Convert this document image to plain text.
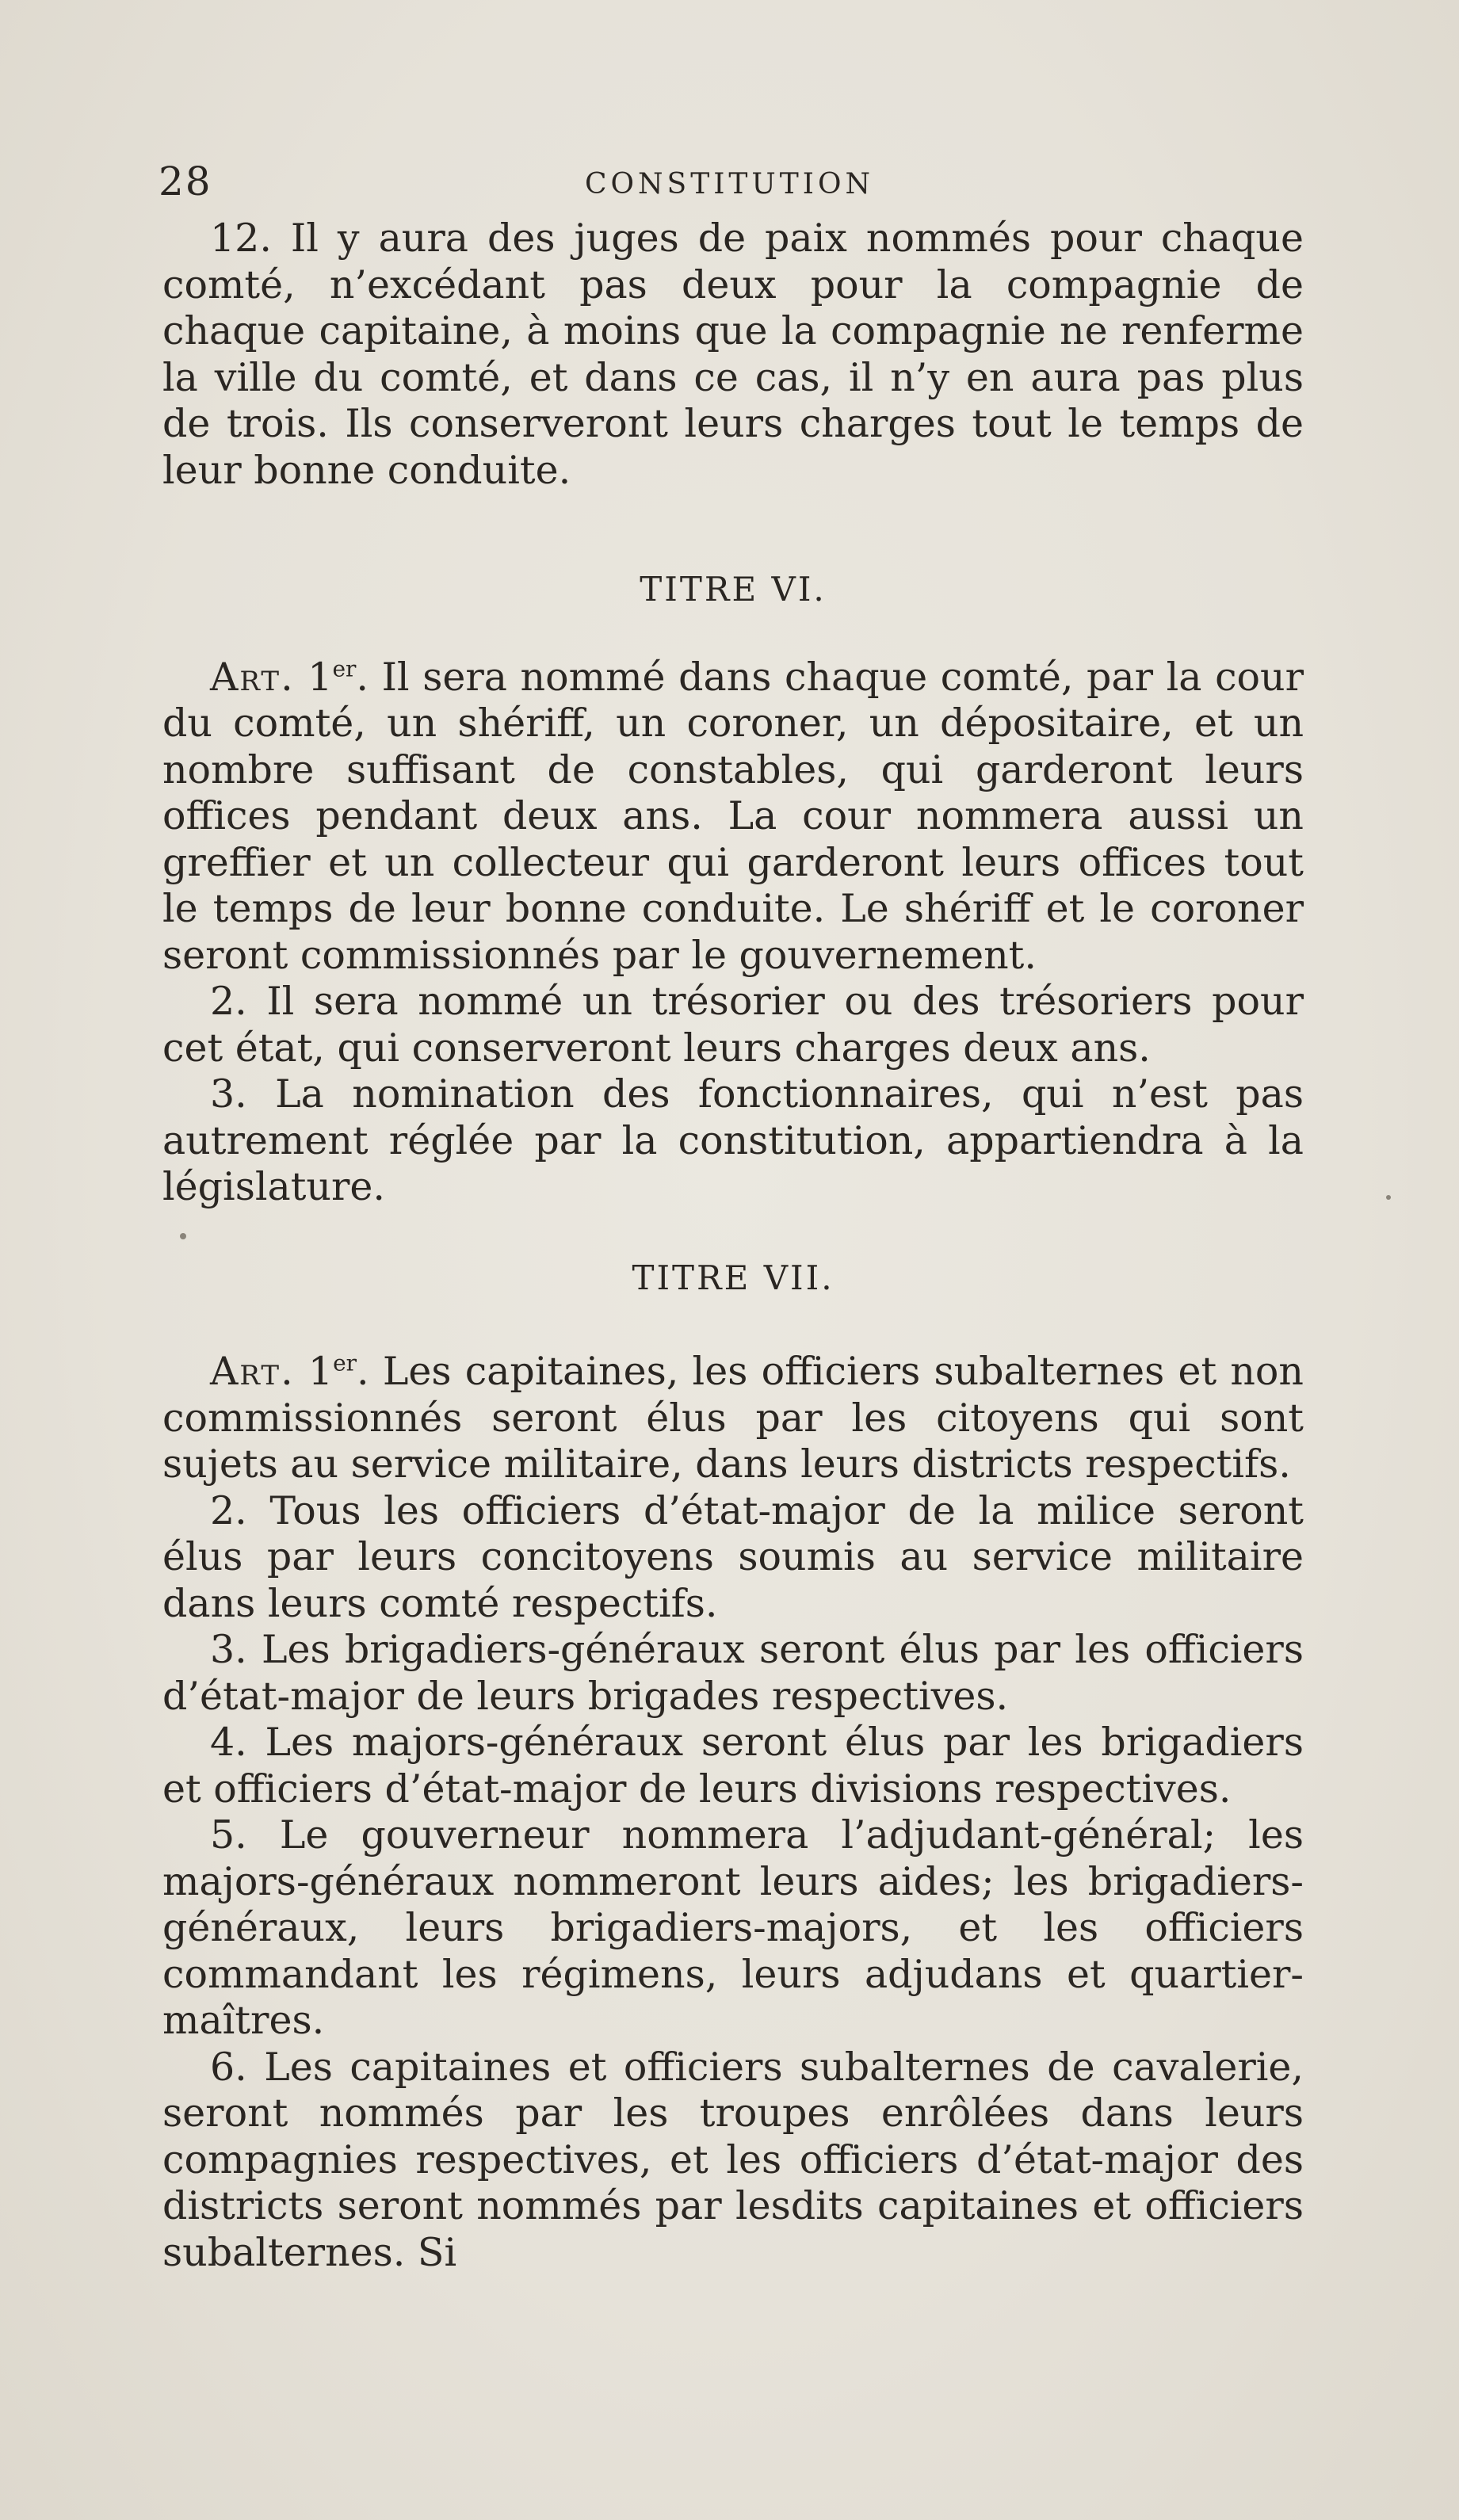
28	CONSTITUTION

12. Il y aura des juges de paix nommés pour chaque comté, n’excédant pas deux pour la compagnie de chaque capitaine, à moins que la compagnie ne renferme la ville du comté, et dans ce cas, il n’y en aura pas plus de trois. Ils conserveront leurs charges tout le temps de leur bonne conduite.

TITRE VI.

Art. 1er. Il sera nommé dans chaque comté, par la cour du comté, un shériff, un coroner, un dépositaire, et un nombre suffisant de constables, qui garderont leurs offices pendant deux ans. La cour nommera aussi un greffier et un collecteur qui garderont leurs offices tout le temps de leur bonne conduite. Le shériff et le coroner seront commissionnés par le gouvernement.

2. Il sera nommé un trésorier ou des trésoriers pour cet état, qui conserveront leurs charges deux ans.

3. La nomination des fonctionnaires, qui n’est pas autrement réglée par la constitution, appartiendra à la législature.

TITRE VII.

Art. 1er. Les capitaines, les officiers subalternes et non commissionnés seront élus par les citoyens qui sont sujets au service militaire, dans leurs districts respectifs.

2. Tous les officiers d’état-major de la milice seront élus par leurs concitoyens soumis au service militaire dans leurs comté respectifs.

3. Les brigadiers-généraux seront élus par les officiers d’état-major de leurs brigades respectives.

4. Les majors-généraux seront élus par les brigadiers et officiers d’état-major de leurs divisions respectives.

5. Le gouverneur nommera l’adjudant-général; les majors-généraux nommeront leurs aides; les brigadiers-généraux, leurs brigadiers-majors, et les officiers commandant les régimens, leurs adjudans et quartier-maîtres.

6. Les capitaines et officiers subalternes de cavalerie, seront nommés par les troupes enrôlées dans leurs compagnies respectives, et les officiers d’état-major des districts seront nommés par lesdits capitaines et officiers subalternes. Si
